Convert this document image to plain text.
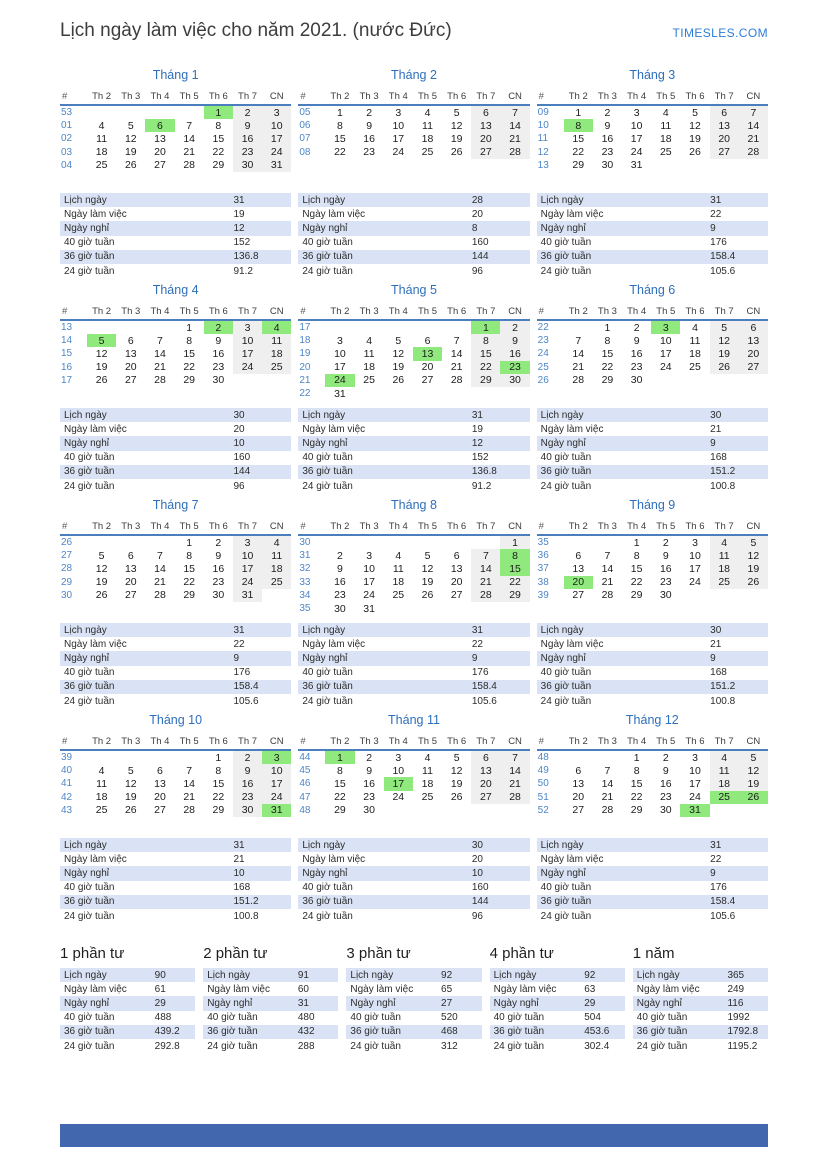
Lịch ngày làm việc cho năm 2021. (nước Đức)	TIMESLES.COM
Tháng 1
#	Th 2	Th 3	Th 4	Th 5	Th 6	Th 7	CN
53					1	2	3
01	4	5	6	7	8	9	10
02	11	12	13	14	15	16	17
03	18	19	20	21	22	23	24
04	25	26	27	28	29	30	31
Lịch ngày	31
Ngày làm việc	19
Ngày nghỉ	12
40 giờ tuần	152
36 giờ tuần	136.8
24 giờ tuần	91.2
Tháng 2
#	Th 2	Th 3	Th 4	Th 5	Th 6	Th 7	CN
05	1	2	3	4	5	6	7
06	8	9	10	11	12	13	14
07	15	16	17	18	19	20	21
08	22	23	24	25	26	27	28
Lịch ngày	28
Ngày làm việc	20
Ngày nghỉ	8
40 giờ tuần	160
36 giờ tuần	144
24 giờ tuần	96
Tháng 3
#	Th 2	Th 3	Th 4	Th 5	Th 6	Th 7	CN
09	1	2	3	4	5	6	7
10	8	9	10	11	12	13	14
11	15	16	17	18	19	20	21
12	22	23	24	25	26	27	28
13	29	30	31				
Lịch ngày	31
Ngày làm việc	22
Ngày nghỉ	9
40 giờ tuần	176
36 giờ tuần	158.4
24 giờ tuần	105.6
Tháng 4
#	Th 2	Th 3	Th 4	Th 5	Th 6	Th 7	CN
13				1	2	3	4
14	5	6	7	8	9	10	11
15	12	13	14	15	16	17	18
16	19	20	21	22	23	24	25
17	26	27	28	29	30		
Lịch ngày	30
Ngày làm việc	20
Ngày nghỉ	10
40 giờ tuần	160
36 giờ tuần	144
24 giờ tuần	96
Tháng 5
#	Th 2	Th 3	Th 4	Th 5	Th 6	Th 7	CN
17						1	2
18	3	4	5	6	7	8	9
19	10	11	12	13	14	15	16
20	17	18	19	20	21	22	23
21	24	25	26	27	28	29	30
22	31						
Lịch ngày	31
Ngày làm việc	19
Ngày nghỉ	12
40 giờ tuần	152
36 giờ tuần	136.8
24 giờ tuần	91.2
Tháng 6
#	Th 2	Th 3	Th 4	Th 5	Th 6	Th 7	CN
22		1	2	3	4	5	6
23	7	8	9	10	11	12	13
24	14	15	16	17	18	19	20
25	21	22	23	24	25	26	27
26	28	29	30				
Lịch ngày	30
Ngày làm việc	21
Ngày nghỉ	9
40 giờ tuần	168
36 giờ tuần	151.2
24 giờ tuần	100.8
Tháng 7
#	Th 2	Th 3	Th 4	Th 5	Th 6	Th 7	CN
26				1	2	3	4
27	5	6	7	8	9	10	11
28	12	13	14	15	16	17	18
29	19	20	21	22	23	24	25
30	26	27	28	29	30	31	
Lịch ngày	31
Ngày làm việc	22
Ngày nghỉ	9
40 giờ tuần	176
36 giờ tuần	158.4
24 giờ tuần	105.6
Tháng 8
#	Th 2	Th 3	Th 4	Th 5	Th 6	Th 7	CN
30							1
31	2	3	4	5	6	7	8
32	9	10	11	12	13	14	15
33	16	17	18	19	20	21	22
34	23	24	25	26	27	28	29
35	30	31					
Lịch ngày	31
Ngày làm việc	22
Ngày nghỉ	9
40 giờ tuần	176
36 giờ tuần	158.4
24 giờ tuần	105.6
Tháng 9
#	Th 2	Th 3	Th 4	Th 5	Th 6	Th 7	CN
35			1	2	3	4	5
36	6	7	8	9	10	11	12
37	13	14	15	16	17	18	19
38	20	21	22	23	24	25	26
39	27	28	29	30			
Lịch ngày	30
Ngày làm việc	21
Ngày nghỉ	9
40 giờ tuần	168
36 giờ tuần	151.2
24 giờ tuần	100.8
Tháng 10
#	Th 2	Th 3	Th 4	Th 5	Th 6	Th 7	CN
39					1	2	3
40	4	5	6	7	8	9	10
41	11	12	13	14	15	16	17
42	18	19	20	21	22	23	24
43	25	26	27	28	29	30	31
Lịch ngày	31
Ngày làm việc	21
Ngày nghỉ	10
40 giờ tuần	168
36 giờ tuần	151.2
24 giờ tuần	100.8
Tháng 11
#	Th 2	Th 3	Th 4	Th 5	Th 6	Th 7	CN
44	1	2	3	4	5	6	7
45	8	9	10	11	12	13	14
46	15	16	17	18	19	20	21
47	22	23	24	25	26	27	28
48	29	30					
Lịch ngày	30
Ngày làm việc	20
Ngày nghỉ	10
40 giờ tuần	160
36 giờ tuần	144
24 giờ tuần	96
Tháng 12
#	Th 2	Th 3	Th 4	Th 5	Th 6	Th 7	CN
48			1	2	3	4	5
49	6	7	8	9	10	11	12
50	13	14	15	16	17	18	19
51	20	21	22	23	24	25	26
52	27	28	29	30	31		
Lịch ngày	31
Ngày làm việc	22
Ngày nghỉ	9
40 giờ tuần	176
36 giờ tuần	158.4
24 giờ tuần	105.6
1 phần tư
Lịch ngày	90
Ngày làm việc	61
Ngày nghỉ	29
40 giờ tuần	488
36 giờ tuần	439.2
24 giờ tuần	292.8
2 phần tư
Lịch ngày	91
Ngày làm việc	60
Ngày nghỉ	31
40 giờ tuần	480
36 giờ tuần	432
24 giờ tuần	288
3 phần tư
Lịch ngày	92
Ngày làm việc	65
Ngày nghỉ	27
40 giờ tuần	520
36 giờ tuần	468
24 giờ tuần	312
4 phần tư
Lịch ngày	92
Ngày làm việc	63
Ngày nghỉ	29
40 giờ tuần	504
36 giờ tuần	453.6
24 giờ tuần	302.4
1 năm
Lịch ngày	365
Ngày làm việc	249
Ngày nghỉ	116
40 giờ tuần	1992
36 giờ tuần	1792.8
24 giờ tuần	1195.2
